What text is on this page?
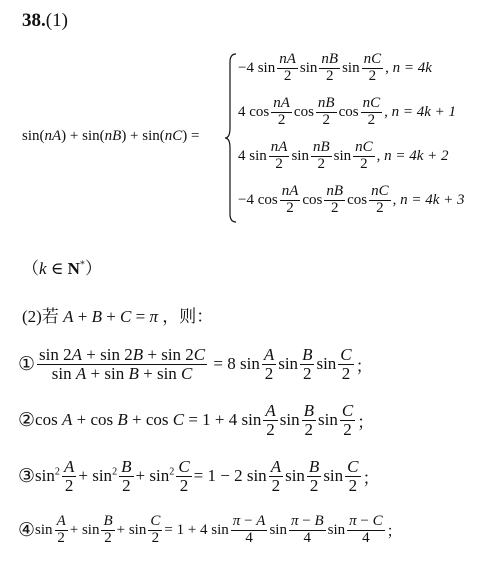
38.(1)
sin(nA) + sin(nB) + sin(nC) =
−4
$\sin \frac{nA}{2}$ $\sin \frac{nB}{2}$ $\sin \frac{nC}{2}$ , n = 4k
4
$\cos \frac{nA}{2}$ $\cos \frac{nB}{2}$ $\cos \frac{nC}{2}$ , n = 4k + 1
4
$\sin \frac{nA}{2}$ $\sin \frac{nB}{2}$ $\sin \frac{nC}{2}$ , n = 4k + 2
−4
$\cos \frac{nA}{2}$ $\cos \frac{nB}{2}$ $\cos \frac{nC}{2}$ , n = 4k + 3
（k ∈ N*）
(2)若 A + B + C = π ，则：
① $\frac{\sin 2A + \sin 2B + \sin 2C}{\text{sin A + sin B + sin C}} = 8$ $\sin \frac{A}{2}$ $\sin \frac{B}{2}$ $\sin \frac{C}{2}$ ；
② cos A + cos B + cos C = 1 + 4 $\sin \frac{A}{2}$ $\sin \frac{B}{2}$ $\sin \frac{C}{2}$ ；
③ $\sin^2 \frac{A}{2} + \sin^2 \frac{B}{2} + \sin^2 \frac{C}{2} = 1 - 2$ $\sin \frac{A}{2}$ $\sin \frac{B}{2}$ $\sin \frac{C}{2}$ ；
④ $\sin \frac{A}{2} + \sin \frac{B}{2} + \sin \frac{C}{2} = 1 + 4$ $\sin \frac{\pi - A}{4}$ $\sin \frac{\pi - B}{4}$ $\sin \frac{\pi - C}{4}$ ；
